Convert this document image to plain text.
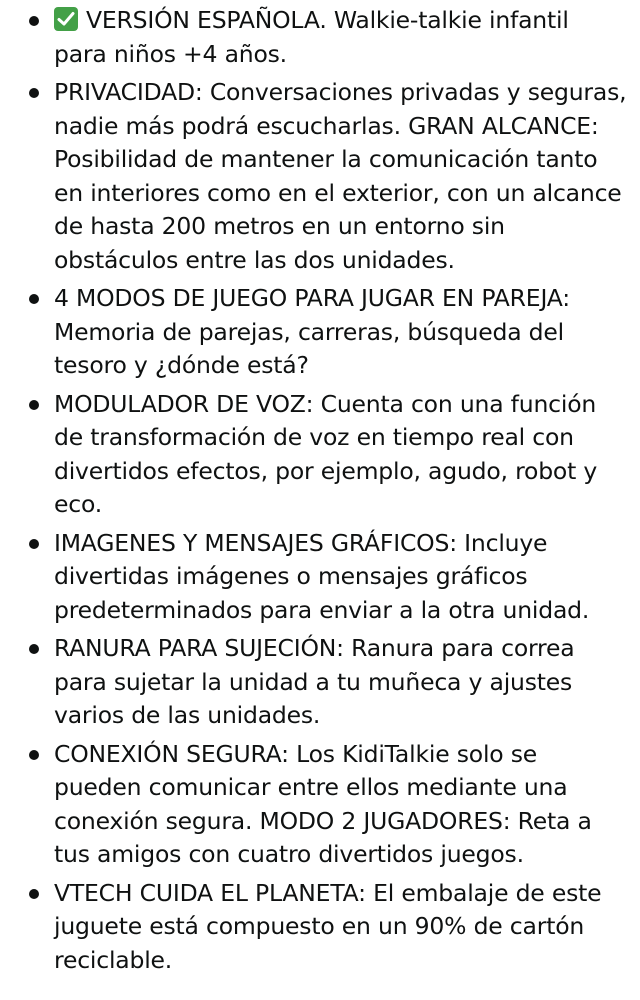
VERSIÓN ESPAÑOLA. Walkie-talkie infantil para niños +4 años.
PRIVACIDAD: Conversaciones privadas y seguras, nadie más podrá escucharlas. GRAN ALCANCE: Posibilidad de mantener la comunicación tanto en interiores como en el exterior, con un alcance de hasta 200 metros en un entorno sin obstáculos entre las dos unidades.
4 MODOS DE JUEGO PARA JUGAR EN PAREJA: Memoria de parejas, carreras, búsqueda del tesoro y ¿dónde está?
MODULADOR DE VOZ: Cuenta con una función de transformación de voz en tiempo real con divertidos efectos, por ejemplo, agudo, robot y eco.
IMAGENES Y MENSAJES GRÁFICOS: Incluye divertidas imágenes o mensajes gráficos predeterminados para enviar a la otra unidad.
RANURA PARA SUJECIÓN: Ranura para correa para sujetar la unidad a tu muñeca y ajustes varios de las unidades.
CONEXIÓN SEGURA: Los KidiTalkie solo se pueden comunicar entre ellos mediante una conexión segura. MODO 2 JUGADORES: Reta a tus amigos con cuatro divertidos juegos.
VTECH CUIDA EL PLANETA: El embalaje de este juguete está compuesto en un 90% de cartón reciclable.
